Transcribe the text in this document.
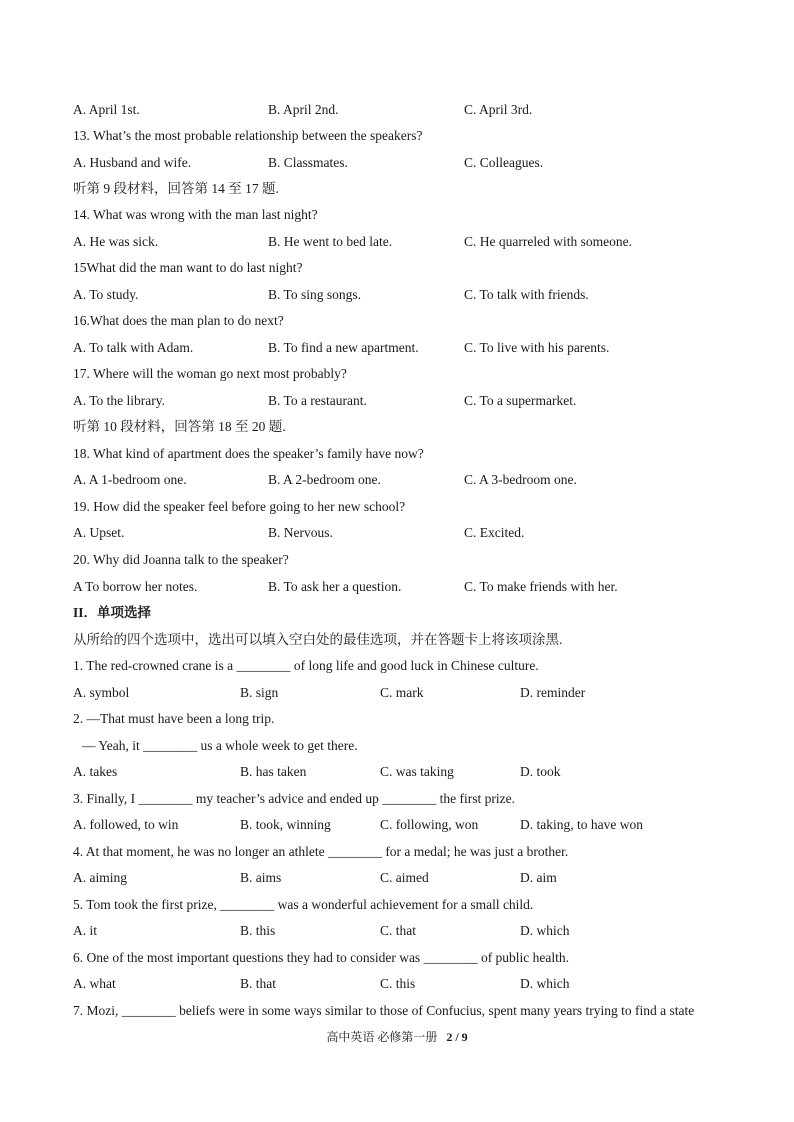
A. April 1st.	B. April 2nd.	C. April 3rd.
13. What’s the most probable relationship between the speakers?
A. Husband and wife.	B. Classmates.	C. Colleagues.
听第 9 段材料，回答第 14 至 17 题.
14. What was wrong with the man last night?
A. He was sick.	B. He went to bed late.	C. He quarreled with someone.
15What did the man want to do last night?
A. To study.	B. To sing songs.	C. To talk with friends.
16.What does the man plan to do next?
A. To talk with Adam.	B. To find a new apartment.	C. To live with his parents.
17. Where will the woman go next most probably?
A. To the library.	B. To a restaurant.	C. To a supermarket.
听第 10 段材料，回答第 18 至 20 题.
18. What kind of apartment does the speaker’s family have now?
A. A 1-bedroom one.	B. A 2-bedroom one.	C. A 3-bedroom one.
19. How did the speaker feel before going to her new school?
A. Upset.	B. Nervous.	C. Excited.
20. Why did Joanna talk to the speaker?
A To borrow her notes.	B. To ask her a question.	C. To make friends with her.
II．单项选择
从所给的四个选项中，选出可以填入空白处的最佳选项，并在答题卡上将该项涂黑.
1. The red-crowned crane is a ________ of long life and good luck in Chinese culture.
A. symbol	B. sign	C. mark	D. reminder
2. —That must have been a long trip.
— Yeah, it ________ us a whole week to get there.
A. takes	B. has taken	C. was taking	D. took
3. Finally, I ________ my teacher’s advice and ended up ________ the first prize.
A. followed, to win	B. took, winning	C. following, won	D. taking, to have won
4. At that moment, he was no longer an athlete ________ for a medal; he was just a brother.
A. aiming	B. aims	C. aimed	D. aim
5. Tom took the first prize, ________ was a wonderful achievement for a small child.
A. it	B. this	C. that	D. which
6. One of the most important questions they had to consider was ________ of public health.
A. what	B. that	C. this	D. which
7. Mozi, ________ beliefs were in some ways similar to those of Confucius, spent many years trying to find a state
高中英语 必修第一册 2 / 9
